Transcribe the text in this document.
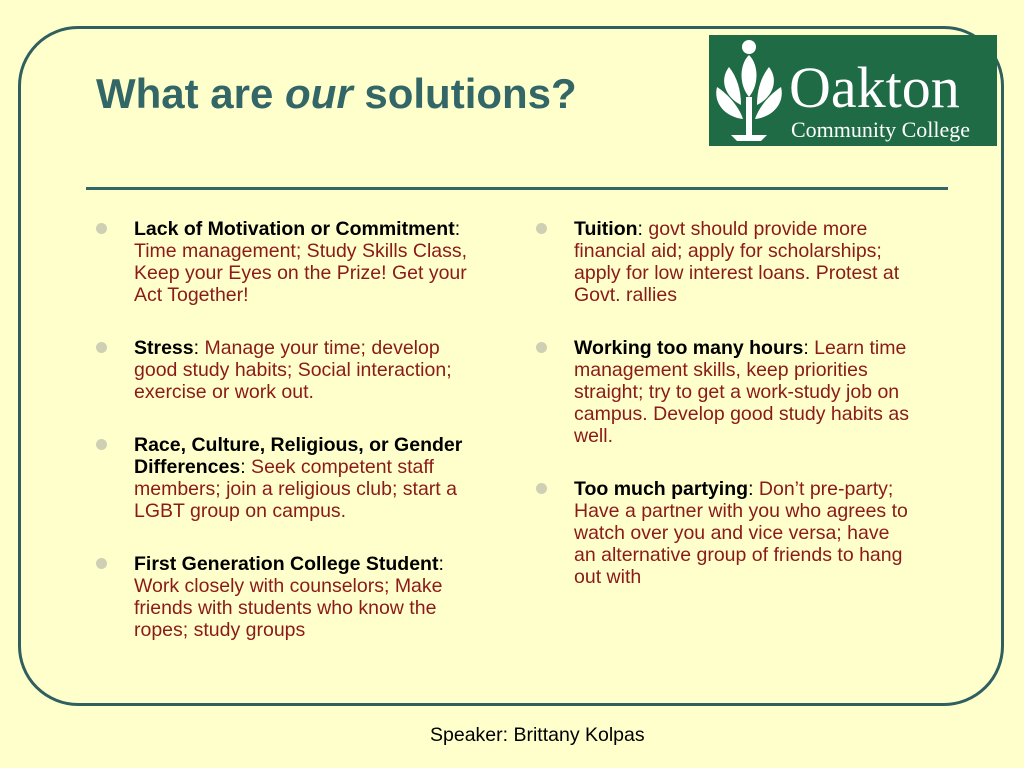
What are our solutions?	Oakton
Community College
Lack of Motivation or Commitment: Time management; Study Skills Class, Keep your Eyes on the Prize! Get your Act Together!
Stress: Manage your time; develop good study habits; Social interaction; exercise or work out.
Race, Culture, Religious, or Gender Differences: Seek competent staff members; join a religious club; start a LGBT group on campus.
First Generation College Student: Work closely with counselors; Make friends with students who know the ropes; study groups
Tuition: govt should provide more financial aid; apply for scholarships; apply for low interest loans. Protest at Govt. rallies
Working too many hours: Learn time management skills, keep priorities straight; try to get a work-study job on campus. Develop good study habits as well.
Too much partying: Don’t pre-party; Have a partner with you who agrees to watch over you and vice versa; have an alternative group of friends to hang out with
Speaker: Brittany Kolpas
